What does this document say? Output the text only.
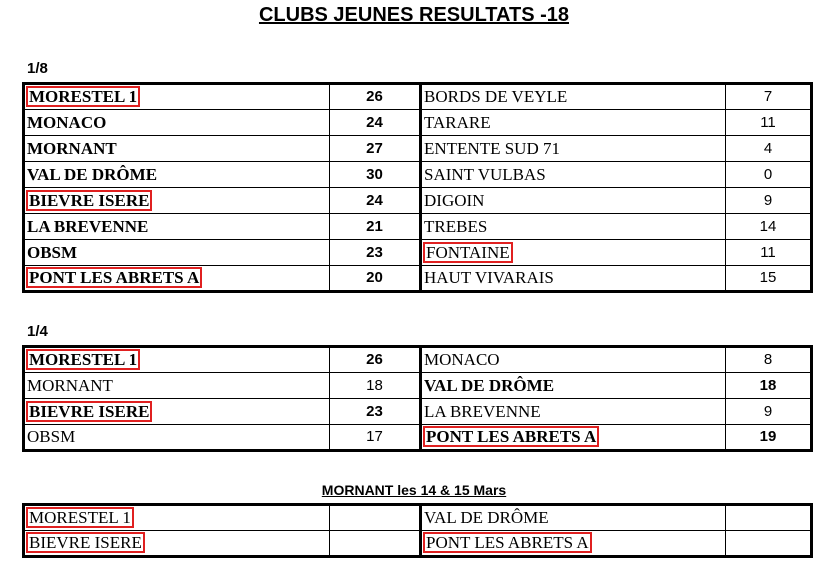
CLUBS JEUNES RESULTATS -18
1/8
MORESTEL 1	26	BORDS DE VEYLE	7
MONACO	24	TARARE	11
MORNANT	27	ENTENTE SUD 71	4
VAL DE DRÔME	30	SAINT VULBAS	0
BIEVRE ISERE	24	DIGOIN	9
LA BREVENNE	21	TREBES	14
OBSM	23	FONTAINE	11
PONT LES ABRETS A	20	HAUT VIVARAIS	15
1/4
MORESTEL 1	26	MONACO	8
MORNANT	18	VAL DE DRÔME	18
BIEVRE ISERE	23	LA BREVENNE	9
OBSM	17	PONT LES ABRETS A	19
MORNANT les 14 & 15 Mars
MORESTEL 1		VAL DE DRÔME	
BIEVRE ISERE		PONT LES ABRETS A	
